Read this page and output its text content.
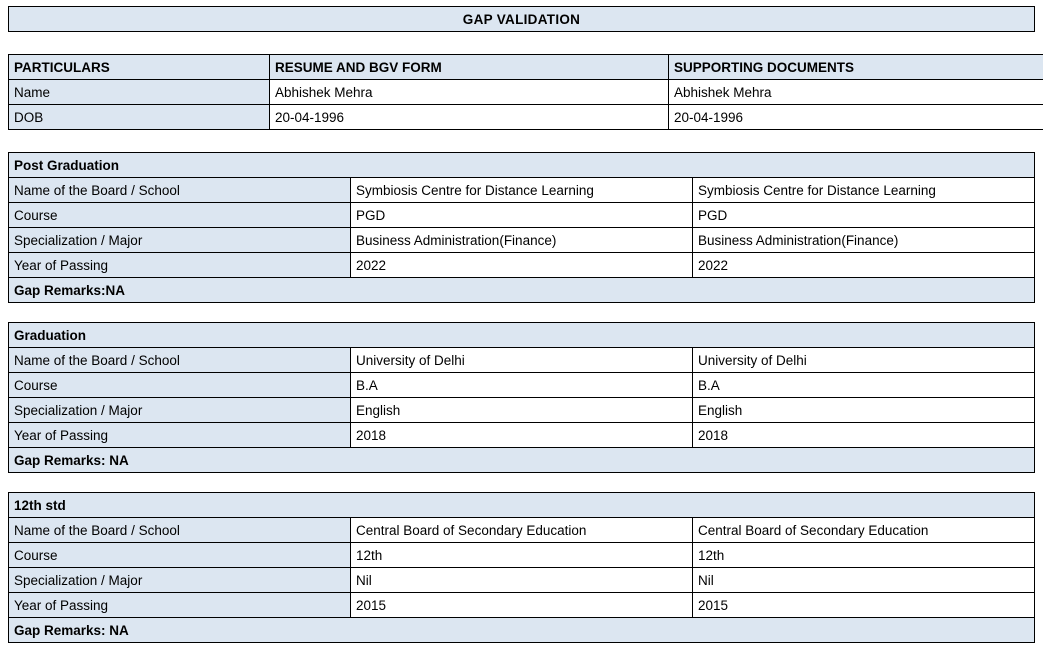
GAP VALIDATION
PARTICULARS	RESUME AND BGV FORM	SUPPORTING DOCUMENTS
Name	Abhishek Mehra	Abhishek Mehra
DOB	20-04-1996	20-04-1996
Post Graduation		
Name of the Board / School	Symbiosis Centre for Distance Learning	Symbiosis Centre for Distance Learning
Course	PGD	PGD
Specialization / Major	Business Administration(Finance)	Business Administration(Finance)
Year of Passing	2022	2022
Gap Remarks:NA		
Graduation		
Name of the Board / School	University of Delhi	University of Delhi
Course	B.A	B.A
Specialization / Major	English	English
Year of Passing	2018	2018
Gap Remarks: NA		
12th std		
Name of the Board / School	Central Board of Secondary Education	Central Board of Secondary Education
Course	12th	12th
Specialization / Major	Nil	Nil
Year of Passing	2015	2015
Gap Remarks: NA		
